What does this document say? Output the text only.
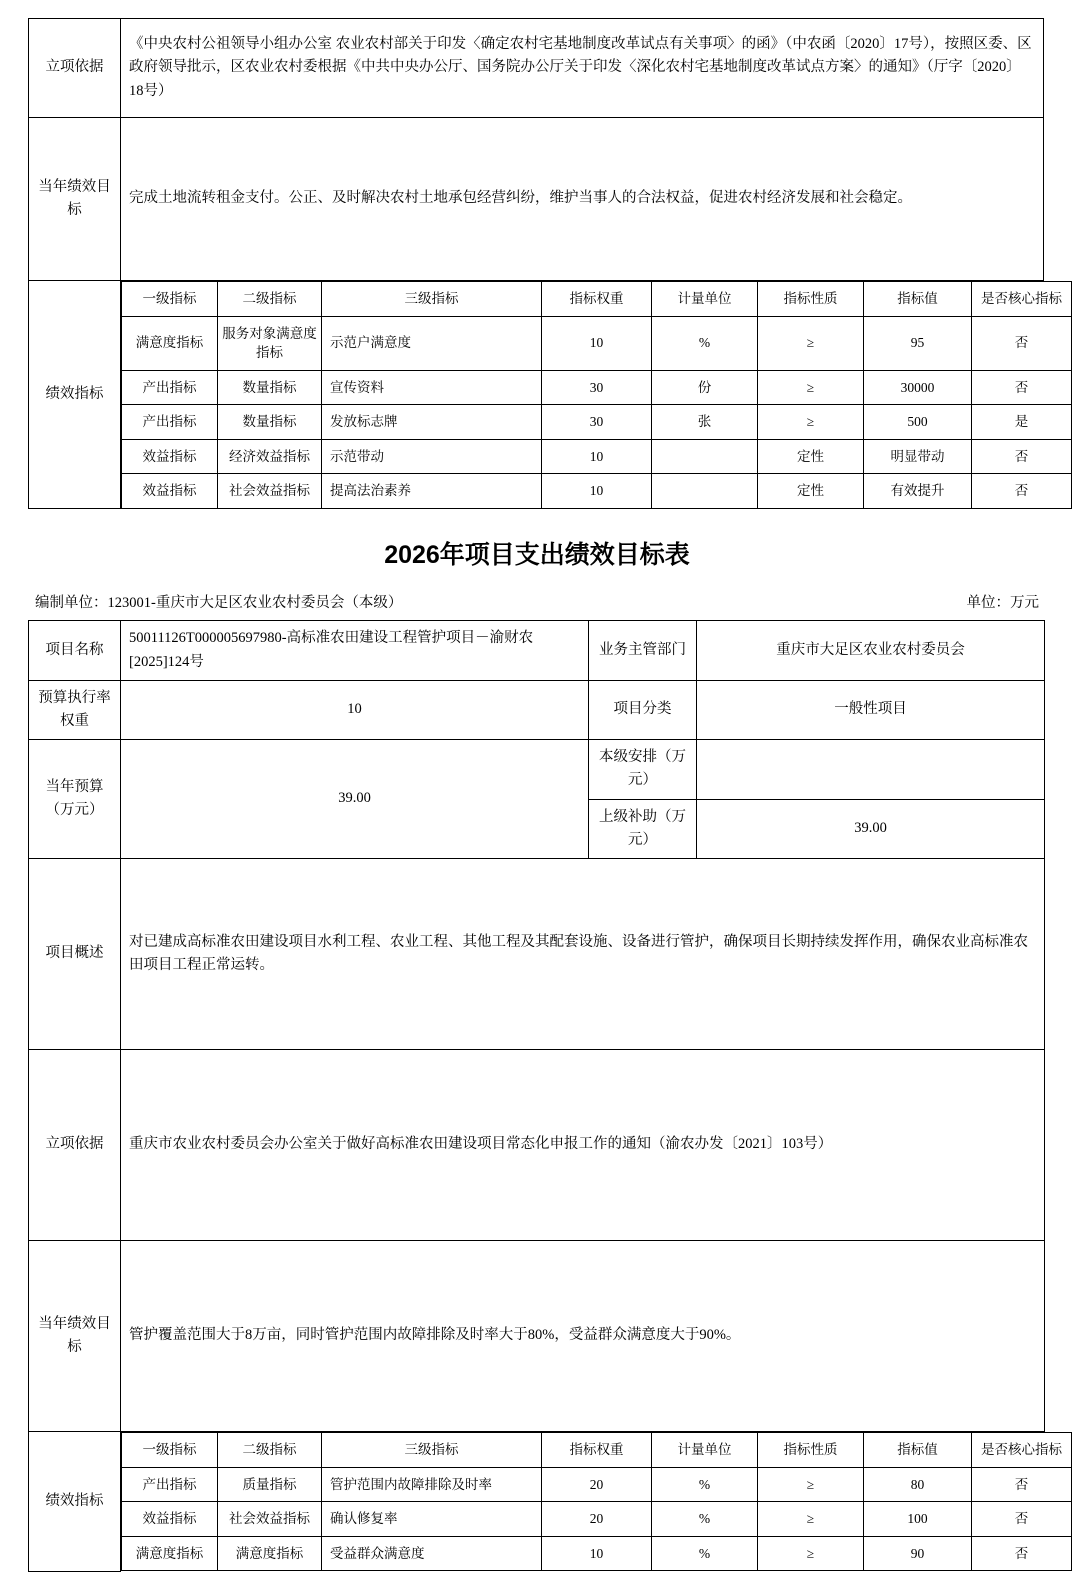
立项依据	《中央农村公祖领导小组办公室 农业农村部关于印发〈确定农村宅基地制度改革试点有关事项〉的函》（中农函〔2020〕17号），按照区委、区政府领导批示，区农业农村委根据《中共中央办公厅、国务院办公厅关于印发〈深化农村宅基地制度改革试点方案〉的通知》（厅字〔2020〕18号）
当年绩效目标	完成土地流转租金支付。公正、及时解决农村土地承包经营纠纷，维护当事人的合法权益，促进农村经济发展和社会稳定。
绩效指标	
一级指标	二级指标	三级指标	指标权重	计量单位	指标性质	指标值	是否核心指标
满意度指标	服务对象满意度指标	示范户满意度	10	%	≥	95	否
产出指标	数量指标	宣传资料	30	份	≥	30000	否
产出指标	数量指标	发放标志牌	30	张	≥	500	是
效益指标	经济效益指标	示范带动	10		定性	明显带动	否
效益指标	社会效益指标	提高法治素养	10		定性	有效提升	否
2026年项目支出绩效目标表
编制单位：123001-重庆市大足区农业农村委员会（本级）	单位：万元
项目名称	50011126T000005697980-高标准农田建设工程管护项目－渝财农[2025]124号	业务主管部门	重庆市大足区农业农村委员会
预算执行率权重	10	项目分类	一般性项目
当年预算（万元）	39.00	本级安排（万元）	
上级补助（万元）	39.00
项目概述	对已建成高标准农田建设项目水利工程、农业工程、其他工程及其配套设施、设备进行管护，确保项目长期持续发挥作用，确保农业高标准农田项目工程正常运转。
立项依据	重庆市农业农村委员会办公室关于做好高标准农田建设项目常态化申报工作的通知（渝农办发〔2021〕103号）
当年绩效目标	管护覆盖范围大于8万亩，同时管护范围内故障排除及时率大于80%，受益群众满意度大于90%。
绩效指标	
一级指标	二级指标	三级指标	指标权重	计量单位	指标性质	指标值	是否核心指标
产出指标	质量指标	管护范围内故障排除及时率	20	%	≥	80	否
效益指标	社会效益指标	确认修复率	20	%	≥	100	否
满意度指标	满意度指标	受益群众满意度	10	%	≥	90	否
